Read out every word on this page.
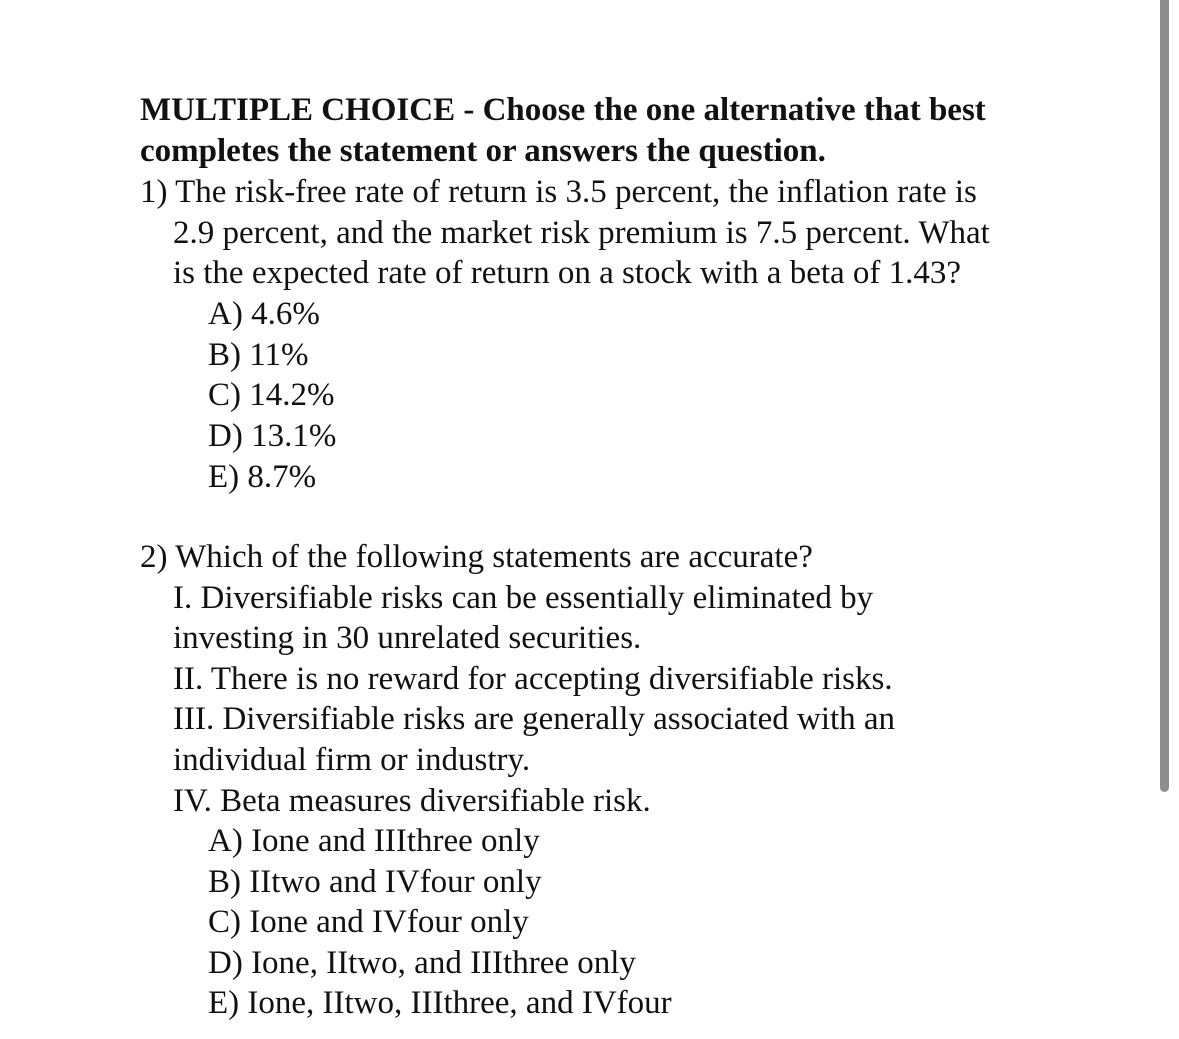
MULTIPLE CHOICE - Choose the one alternative that best
completes the statement or answers the question.
1) The risk-free rate of return is 3.5 percent, the inflation rate is
2.9 percent, and the market risk premium is 7.5 percent. What
is the expected rate of return on a stock with a beta of 1.43?
A) 4.6%
B) 11%
C) 14.2%
D) 13.1%
E) 8.7%
2) Which of the following statements are accurate?
I. Diversifiable risks can be essentially eliminated by
investing in 30 unrelated securities.
II. There is no reward for accepting diversifiable risks.
III. Diversifiable risks are generally associated with an
individual firm or industry.
IV. Beta measures diversifiable risk.
A) Ione and IIIthree only
B) IItwo and IVfour only
C) Ione and IVfour only
D) Ione, IItwo, and IIIthree only
E) Ione, IItwo, IIIthree, and IVfour
